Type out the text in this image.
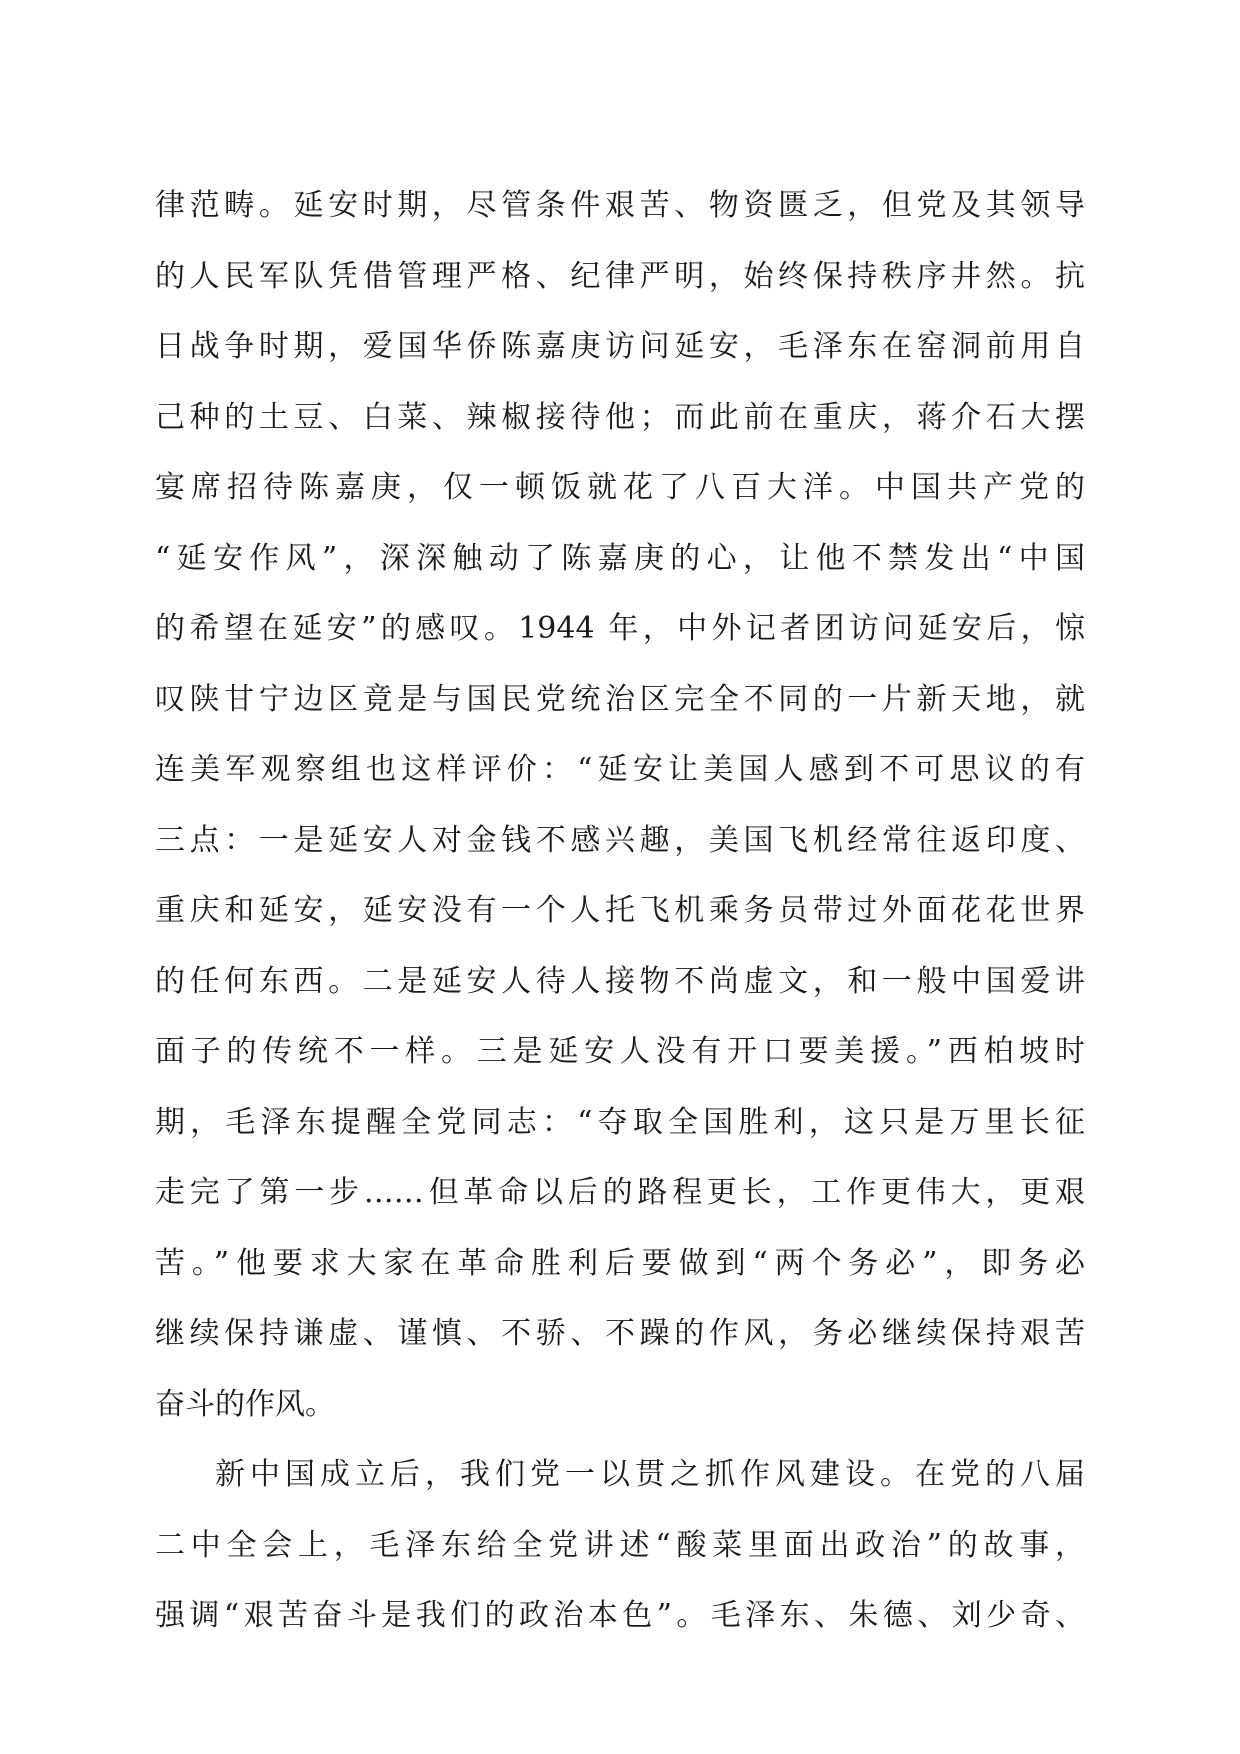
律范畴。延安时期，尽管条件艰苦、物资匮乏，但党及其领导
的人民军队凭借管理严格、纪律严明，始终保持秩序井然。抗
日战争时期，爱国华侨陈嘉庚访问延安，毛泽东在窑洞前用自
己种的土豆、白菜、辣椒接待他；而此前在重庆，蒋介石大摆
宴席招待陈嘉庚，仅一顿饭就花了八百大洋。中国共产党的
“延安作风”，深深触动了陈嘉庚的心，让他不禁发出“中国
的希望在延安”的感叹。1944 年，中外记者团访问延安后，惊
叹陕甘宁边区竟是与国民党统治区完全不同的一片新天地，就
连美军观察组也这样评价：“延安让美国人感到不可思议的有
三点：一是延安人对金钱不感兴趣，美国飞机经常往返印度、
重庆和延安，延安没有一个人托飞机乘务员带过外面花花世界
的任何东西。二是延安人待人接物不尚虚文，和一般中国爱讲
面子的传统不一样。三是延安人没有开口要美援。”西柏坡时
期，毛泽东提醒全党同志：“夺取全国胜利，这只是万里长征
走完了第一步……但革命以后的路程更长，工作更伟大，更艰
苦。”他要求大家在革命胜利后要做到“两个务必”，即务必
继续保持谦虚、谨慎、不骄、不躁的作风，务必继续保持艰苦
奋斗的作风。
新中国成立后，我们党一以贯之抓作风建设。在党的八届
二中全会上，毛泽东给全党讲述“酸菜里面出政治”的故事，
强调“艰苦奋斗是我们的政治本色”。毛泽东、朱德、刘少奇、
